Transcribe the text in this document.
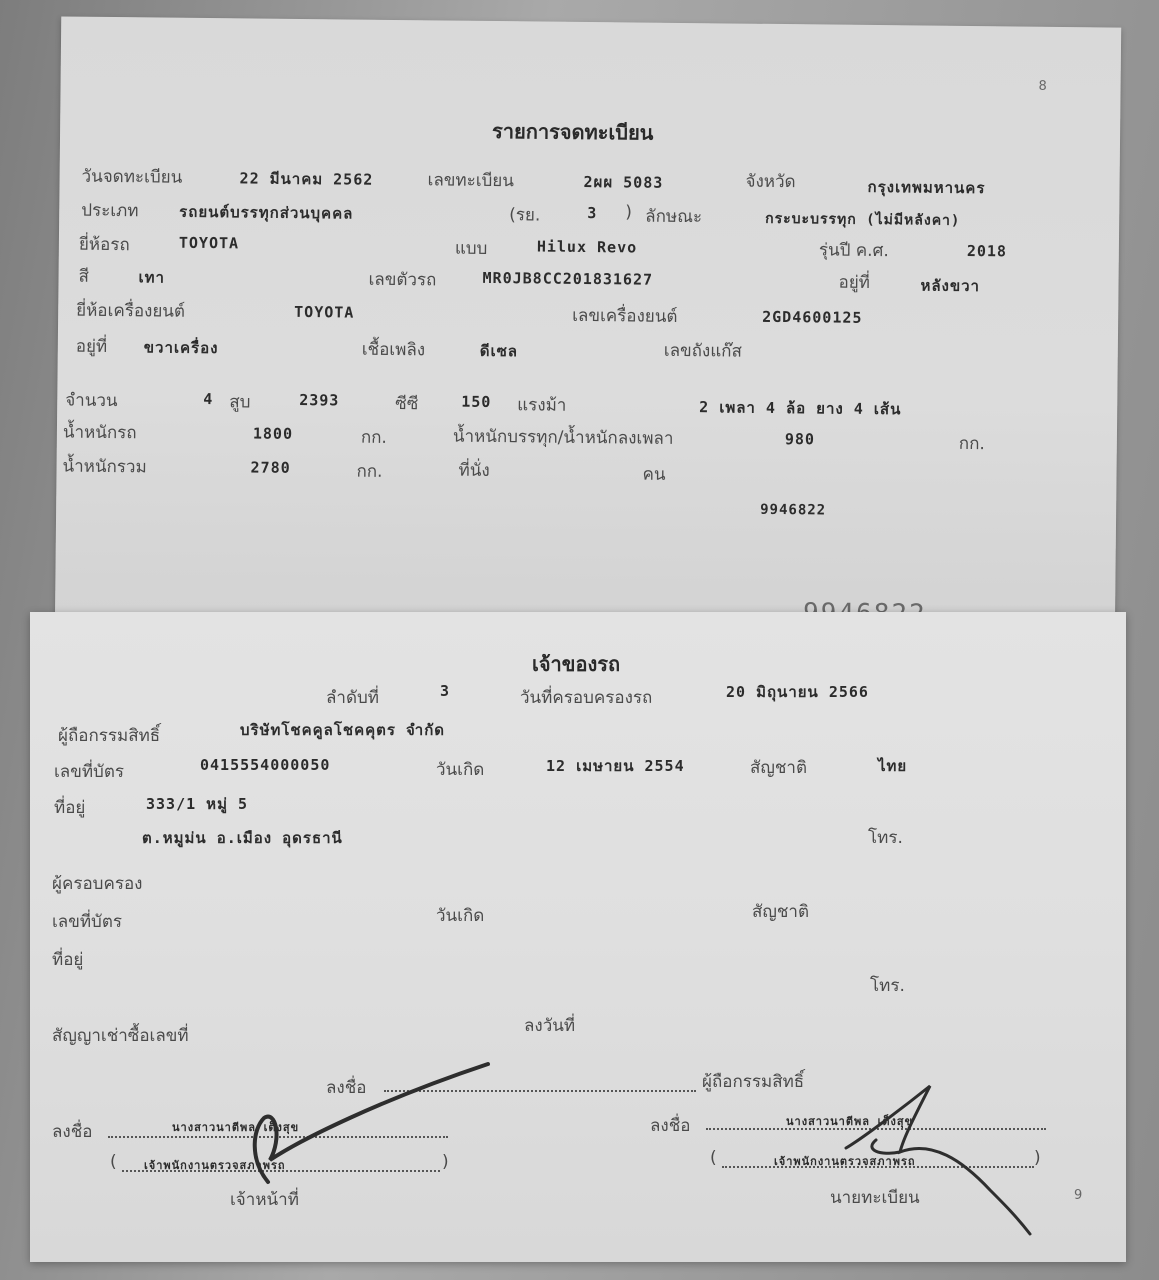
8
รายการจดทะเบียน
วันจดทะเบียน	22 มีนาคม 2562	เลขทะเบียน	2ผผ 5083	จังหวัด	กรุงเทพมหานคร
ประเภท	รถยนต์บรรทุกส่วนบุคคล	(รย.	3 ) ลักษณะ	กระบะบรรทุก (ไม่มีหลังคา)
ยี่ห้อรถ	TOYOTA	แบบ	Hilux Revo	รุ่นปี ค.ศ.	2018
สี	เทา	เลขตัวรถ	MR0JB8CC201831627	อยู่ที่	หลังขวา
ยี่ห้อเครื่องยนต์	TOYOTA	เลขเครื่องยนต์	2GD4600125
อยู่ที่ ขวาเครื่อง	เชื้อเพลิง	ดีเซล	เลขถังแก๊ส
จำนวน	4 สูบ	2393	ซีซี	150 แรงม้า	2 เพลา 4 ล้อ ยาง 4 เส้น
น้ำหนักรถ	1800	กก.	น้ำหนักบรรทุก/น้ำหนักลงเพลา	980	กก.
น้ำหนักรวม	2780	กก.	ที่นั่ง	คน
9946822
เจ้าของรถ
ลำดับที่	3	วันที่ครอบครองรถ	20 มิถุนายน 2566
ผู้ถือกรรมสิทธิ์	บริษัทโชคคูลโชคคุตร จำกัด
เลขที่บัตร	0415554000050	วันเกิด	12 เมษายน 2554	สัญชาติ	ไทย
ที่อยู่	333/1 หมู่ 5
ต.หมูม่น อ.เมือง อุดรธานี	โทร.
ผู้ครอบครอง
เลขที่บัตร	วันเกิด	สัญชาติ
ที่อยู่
โทร.
สัญญาเช่าซื้อเลขที่	ลงวันที่
ลงชื่อ	ผู้ถือกรรมสิทธิ์
ลงชื่อ	นางสาวนาตีพล เต็งสุข
( เจ้าพนักงานตรวจสภาพรถ	)
เจ้าหน้าที่
ลงชื่อ	นางสาวนาตีพล เต็งสุข
(	เจ้าพนักงานตรวจสภาพรถ	)
นายทะเบียน	9
